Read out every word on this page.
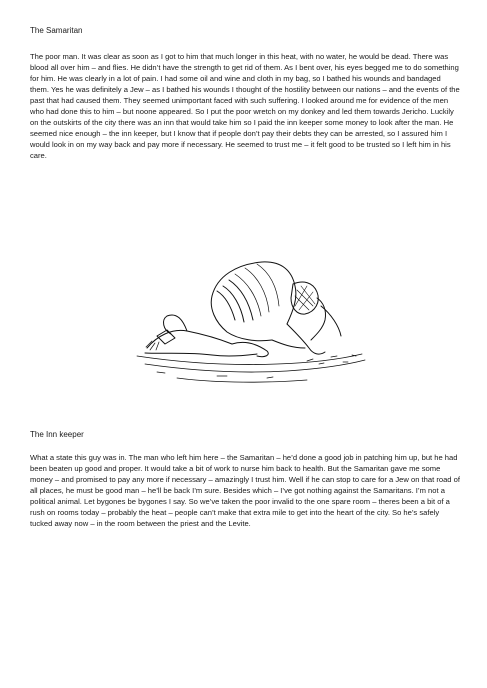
The Samaritan

The poor man. It was clear as soon as I got to him that much longer in this heat, with no water, he would be dead. There was blood all over him – and flies. He didn’t have the strength to get rid of them. As I bent over, his eyes begged me to do something for him. He was clearly in a lot of pain. I had some oil and wine and cloth in my bag, so I bathed his wounds and bandaged them. Yes he was definitely a Jew – as I bathed his wounds I thought of the hostility between our nations – and the events of the past that had caused them. They seemed unimportant faced with such suffering. I looked around me for evidence of the men who had done this to him – but noone appeared. So I put the poor wretch on my donkey and led them towards Jericho. Luckily on the outskirts of the city there was an inn that would take him so I paid the inn keeper some money to look after the man. He seemed nice enough – the inn keeper, but I know that if people don’t pay their debts they can be arrested, so I assured him I would look in on my way back and pay more if necessary. He seemed to trust me – it felt good to be trusted so I left him in his care.

The Inn keeper

What a state this guy was in. The man who left him here – the Samaritan – he’d done a good job in patching him up, but he had been beaten up good and proper. It would take a bit of work to nurse him back to health. But the Samaritan gave me some money – and promised to pay any more if necessary – amazingly I trust him. Well if he can stop to care for a Jew on that road of all places, he must be good man – he’ll be back I’m sure. Besides which – I’ve got nothing against the Samaritans. I’m not a political animal. Let bygones be bygones I say. So we’ve taken the poor invalid to the one spare room – theres been a bit of a rush on rooms today – probably the heat – people can’t make that extra mile to get into the heart of the city. So he’s safely tucked away now – in the room between the priest and the Levite.
